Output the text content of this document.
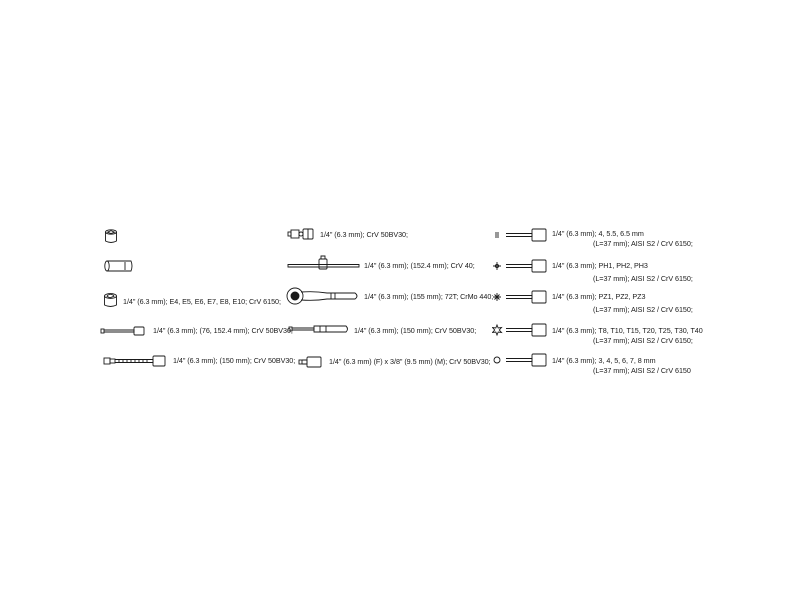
1/4" (6.3 mm); E4, E5, E6, E7, E8, E10; CrV 6150;
1/4" (6.3 mm); (76, 152.4 mm); CrV 50BV30;
1/4" (6.3 mm); (150 mm); CrV 50BV30;
1/4" (6.3 mm); CrV 50BV30;
1/4" (6.3 mm); (152.4 mm); CrV 40;
1/4" (6.3 mm); (155 mm); 72T; CrMo 440;
1/4" (6.3 mm); (150 mm); CrV 50BV30;
1/4" (6.3 mm) (F) x 3/8" (9.5 mm) (M); CrV 50BV30;
1/4" (6.3 mm); 4, 5.5, 6.5 mm
(L=37 mm); AISI S2 / CrV 6150;
1/4" (6.3 mm); PH1, PH2, PH3
(L=37 mm); AISI S2 / CrV 6150;
1/4" (6.3 mm); PZ1, PZ2, PZ3
(L=37 mm); AISI S2 / CrV 6150;
1/4" (6.3 mm); T8, T10, T15, T20, T25, T30, T40
(L=37 mm); AISI S2 / CrV 6150;
1/4" (6.3 mm); 3, 4, 5, 6, 7, 8 mm
(L=37 mm); AISI S2 / CrV 6150
